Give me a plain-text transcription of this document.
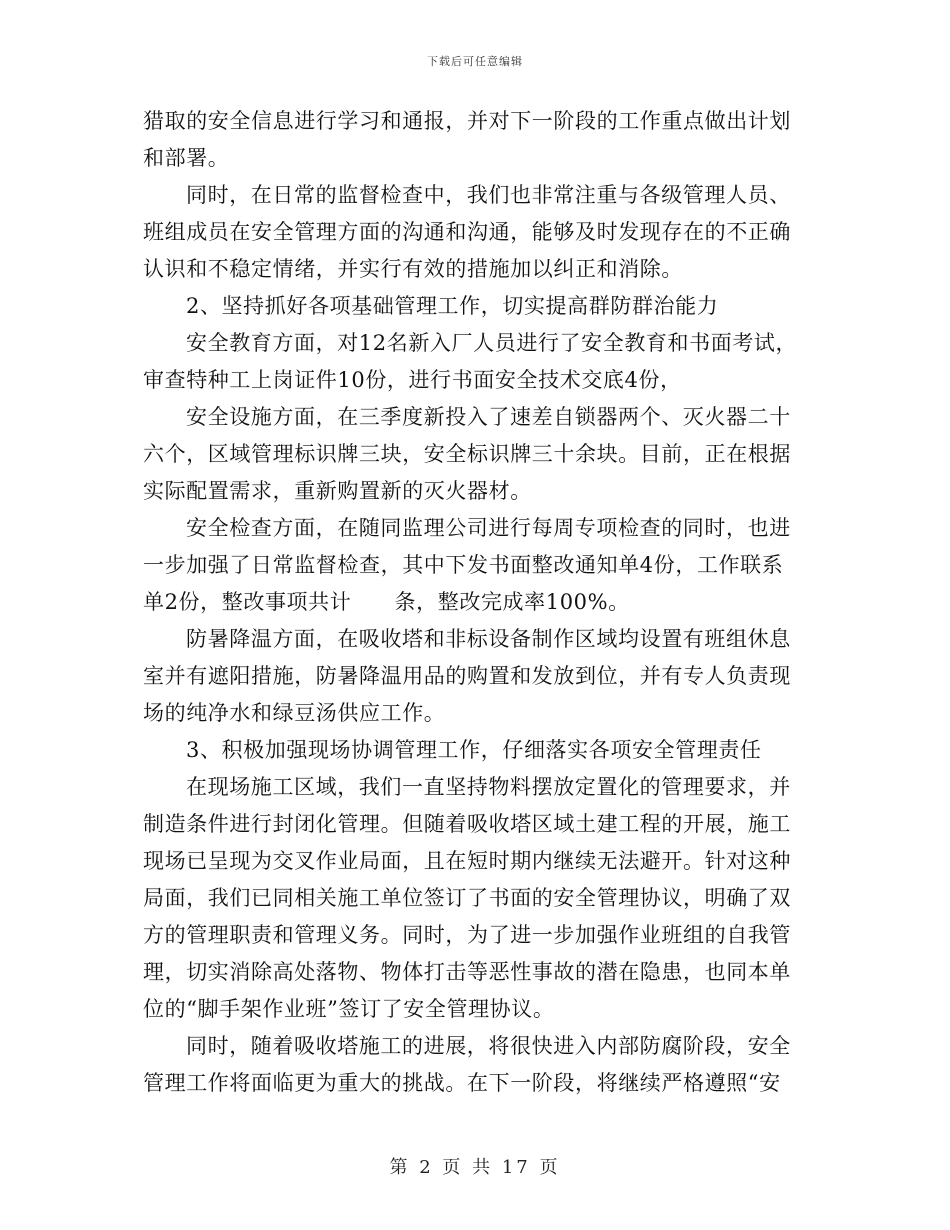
下载后可任意编辑
猎取的安全信息进行学习和通报，并对下一阶段的工作重点做出计划
和部署。
同时，在日常的监督检查中，我们也非常注重与各级管理人员、
班组成员在安全管理方面的沟通和沟通，能够及时发现存在的不正确
认识和不稳定情绪，并实行有效的措施加以纠正和消除。
2、坚持抓好各项基础管理工作，切实提高群防群治能力
安全教育方面，对12名新入厂人员进行了安全教育和书面考试，
审查特种工上岗证件10份，进行书面安全技术交底4份，
安全设施方面，在三季度新投入了速差自锁器两个、灭火器二十
六个，区域管理标识牌三块，安全标识牌三十余块。目前，正在根据
实际配置需求，重新购置新的灭火器材。
安全检查方面，在随同监理公司进行每周专项检查的同时，也进
一步加强了日常监督检查，其中下发书面整改通知单4份，工作联系
单2份，整改事项共计　　条，整改完成率100%。
防暑降温方面，在吸收塔和非标设备制作区域均设置有班组休息
室并有遮阳措施，防暑降温用品的购置和发放到位，并有专人负责现
场的纯净水和绿豆汤供应工作。
3、积极加强现场协调管理工作，仔细落实各项安全管理责任
在现场施工区域，我们一直坚持物料摆放定置化的管理要求，并
制造条件进行封闭化管理。但随着吸收塔区域土建工程的开展，施工
现场已呈现为交叉作业局面，且在短时期内继续无法避开。针对这种
局面，我们已同相关施工单位签订了书面的安全管理协议，明确了双
方的管理职责和管理义务。同时，为了进一步加强作业班组的自我管
理，切实消除高处落物、物体打击等恶性事故的潜在隐患，也同本单
位的“脚手架作业班”签订了安全管理协议。
同时，随着吸收塔施工的进展，将很快进入内部防腐阶段，安全
管理工作将面临更为重大的挑战。在下一阶段，将继续严格遵照“安
第 2 页 共 17 页
